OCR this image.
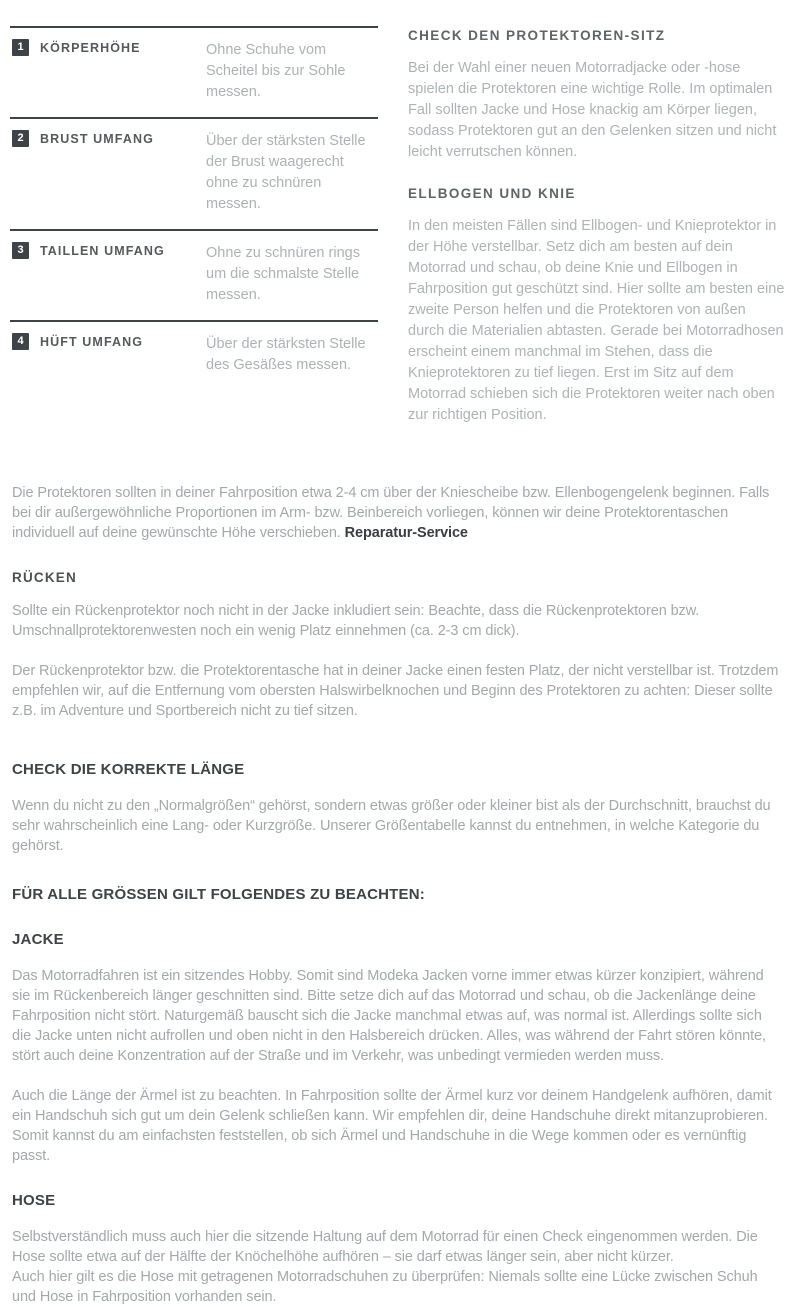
1	KÖRPERHÖHE	Ohne Schuhe vom Scheitel bis zur Sohle messen.
2	BRUST UMFANG	Über der stärksten Stelle der Brust waagerecht ohne zu schnüren messen.
3	TAILLEN UMFANG	Ohne zu schnüren rings um die schmalste Stelle messen.
4	HÜFT UMFANG	Über der stärksten Stelle des Gesäßes messen.
CHECK DEN PROTEKTOREN-SITZ

Bei der Wahl einer neuen Motorradjacke oder -hose spielen die Protektoren eine wichtige Rolle. Im optimalen Fall sollten Jacke und Hose knackig am Körper liegen, sodass Protektoren gut an den Gelenken sitzen und nicht leicht verrutschen können.

ELLBOGEN UND KNIE

In den meisten Fällen sind Ellbogen- und Knieprotektor in der Höhe verstellbar. Setz dich am besten auf dein Motorrad und schau, ob deine Knie und Ellbogen in Fahrposition gut geschützt sind. Hier sollte am besten eine zweite Person helfen und die Protektoren von außen durch die Materialien abtasten. Gerade bei Motorradhosen erscheint einem manchmal im Stehen, dass die Knieprotektoren zu tief liegen. Erst im Sitz auf dem Motorrad schieben sich die Protektoren weiter nach oben zur richtigen Position.

Die Protektoren sollten in deiner Fahrposition etwa 2-4 cm über der Kniescheibe bzw. Ellenbogengelenk beginnen. Falls bei dir außergewöhnliche Proportionen im Arm- bzw. Beinbereich vorliegen, können wir deine Protektorentaschen individuell auf deine gewünschte Höhe verschieben. Reparatur-Service

RÜCKEN

Sollte ein Rückenprotektor noch nicht in der Jacke inkludiert sein: Beachte, dass die Rückenprotektoren bzw. Umschnallprotektorenwesten noch ein wenig Platz einnehmen (ca. 2-3 cm dick).

Der Rückenprotektor bzw. die Protektorentasche hat in deiner Jacke einen festen Platz, der nicht verstellbar ist. Trotzdem empfehlen wir, auf die Entfernung vom obersten Halswirbelknochen und Beginn des Protektoren zu achten: Dieser sollte z.B. im Adventure und Sportbereich nicht zu tief sitzen.

CHECK DIE KORREKTE LÄNGE

Wenn du nicht zu den „Normalgrößen“ gehörst, sondern etwas größer oder kleiner bist als der Durchschnitt, brauchst du sehr wahrscheinlich eine Lang- oder Kurzgröße. Unserer Größentabelle kannst du entnehmen, in welche Kategorie du gehörst.

FÜR ALLE GRÖSSEN GILT FOLGENDES ZU BEACHTEN:
JACKE

Das Motorradfahren ist ein sitzendes Hobby. Somit sind Modeka Jacken vorne immer etwas kürzer konzipiert, während sie im Rückenbereich länger geschnitten sind. Bitte setze dich auf das Motorrad und schau, ob die Jackenlänge deine Fahrposition nicht stört. Naturgemäß bauscht sich die Jacke manchmal etwas auf, was normal ist. Allerdings sollte sich die Jacke unten nicht aufrollen und oben nicht in den Halsbereich drücken. Alles, was während der Fahrt stören könnte, stört auch deine Konzentration auf der Straße und im Verkehr, was unbedingt vermieden werden muss.

Auch die Länge der Ärmel ist zu beachten. In Fahrposition sollte der Ärmel kurz vor deinem Handgelenk aufhören, damit ein Handschuh sich gut um dein Gelenk schließen kann. Wir empfehlen dir, deine Handschuhe direkt mitanzuprobieren. Somit kannst du am einfachsten feststellen, ob sich Ärmel und Handschuhe in die Wege kommen oder es vernünftig passt.

HOSE
Selbstverständlich muss auch hier die sitzende Haltung auf dem Motorrad für einen Check eingenommen werden. Die Hose sollte etwa auf der Hälfte der Knöchelhöhe aufhören – sie darf etwas länger sein, aber nicht kürzer.
Auch hier gilt es die Hose mit getragenen Motorradschuhen zu überprüfen: Niemals sollte eine Lücke zwischen Schuh und Hose in Fahrposition vorhanden sein.
